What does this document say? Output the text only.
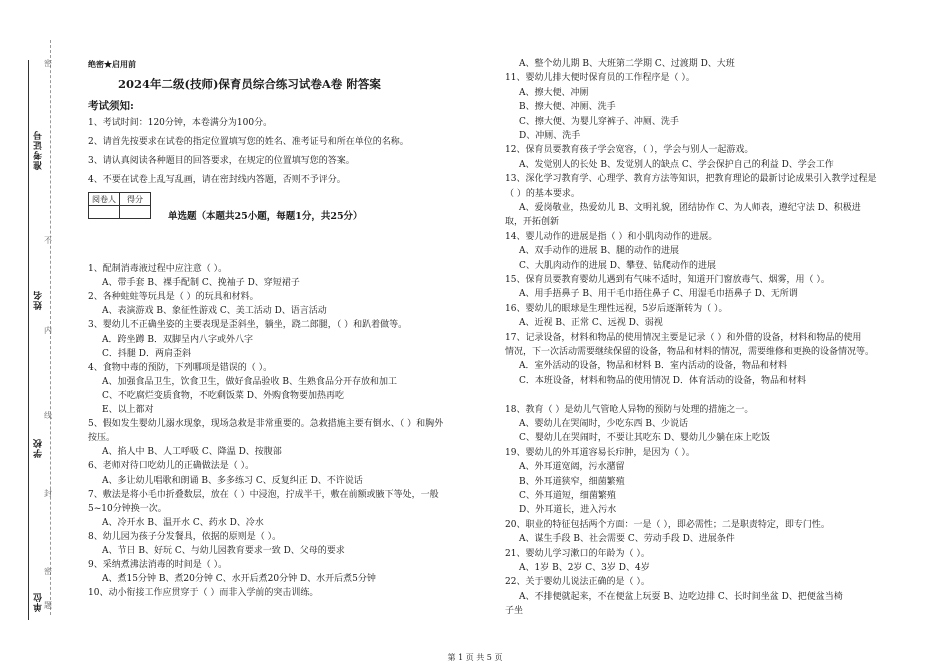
准考证号
姓名
学校
单位
密
不
内
线
封
密
题
绝密★启用前
2024年二级(技师)保育员综合练习试卷A卷 附答案
考试须知:
1、考试时间：120分钟，本卷满分为100分。
2、请首先按要求在试卷的指定位置填写您的姓名、准考证号和所在单位的名称。
3、请认真阅读各种题目的回答要求，在规定的位置填写您的答案。
4、不要在试卷上乱写乱画，请在密封线内答题，否则不予评分。
阅卷人	得分

单选题（本题共25小题，每题1分，共25分）
1、配制消毒液过程中应注意（ ）。
A、带手套 B、裸手配制 C、挽袖子 D、穿短裙子
2、各种蛀蛀等玩具是（ ）的玩具和材料。
A、表演游戏 B、象征性游戏 C、美工活动 D、语言活动
3、婴幼儿不正确坐姿的主要表现是歪斜坐，躺坐，跷二郎腿，（ ）和趴着做等。
A．跨坐蹲 B．双脚呈内八字或外八字
C．抖腿 D．两肩歪斜
4、食物中毒的预防，下列哪项是错误的（ ）。
A、加强食品卫生，饮食卫生，做好食品验收 B、生熟食品分开存放和加工
C、不吃腐烂变质食物，不吃剩饭菜 D、外购食物要加热再吃
E、以上都对
5、假如发生婴幼儿溺水现象，现场急救是非常重要的。急救措施主要有倒水、（ ）和胸外
按压。
A、掐人中 B、人工呼吸 C、降温 D、按腹部
6、老师对待口吃幼儿的正确做法是（ ）。
A、多让幼儿唱歌和朗诵 B、多多练习 C、反复纠正 D、不许说话
7、敷法是将小毛巾折叠数层，放在（ ）中浸泡，拧成半干，敷在前额或腋下等处，一般
5~10分钟换一次。
A、冷开水 B、温开水 C、药水 D、冷水
8、幼儿园为孩子分发餐具，依据的原则是（ ）。
A、节日 B、好玩 C、与幼儿园教育要求一致 D、父母的要求
9、采纳煮沸法消毒的时间是（ ）。
A、煮15分钟 B、煮20分钟 C、水开后煮20分钟 D、水开后煮5分钟
10、动小衔接工作应贯穿于（ ）而非入学前的突击训练。
A、整个幼儿期 B、大班第二学期 C、过渡期 D、大班
11、婴幼儿排大便时保育员的工作程序是（ ）。
A、擦大便、冲厕
B、擦大便、冲厕、洗手
C、擦大便、为婴儿穿裤子、冲厕、洗手
D、冲厕、洗手
12、保育员要教育孩子学会宽容，（ ），学会与别人一起游戏。
A、发觉别人的长处 B、发觉别人的缺点 C、学会保护自己的利益 D、学会工作
13、深化学习教育学、心理学、教育方法等知识，把教育理论的最新讨论成果引入教学过程是
（ ）的基本要求。
A、爱岗敬业，热爱幼儿 B、文明礼貌，团结协作 C、为人师表，遵纪守法 D、积极进
取，开拓创新
14、婴儿动作的进展是指（ ）和小肌肉动作的进展。
A、双手动作的进展 B、腿的动作的进展
C、大肌肉动作的进展 D、攀登、钻爬动作的进展
15、保育员要教育婴幼儿遇到有气味不适时，知道开门窗放毒气、烟雾，用（ ）。
A、用手捂鼻子 B、用干毛巾捂住鼻子 C、用湿毛巾捂鼻子 D、无所谓
16、婴幼儿的眼球是生理性远视，5岁后逐渐转为（ ）。
A、近视 B、正常 C、远视 D、弱视
17、记录设备，材料和物品的使用情况主要是记录（ ）和外借的设备，材料和物品的使用
情况，下一次活动需要继续保留的设备，物品和材料的情况，需要维修和更换的设备情况等。
A．室外活动的设备，物品和材料 B．室内活动的设备，物品和材料
C．本班设备，材料和物品的使用情况 D．体育活动的设备，物品和材料
18、教育（ ）是幼儿气管呛人异物的预防与处理的措施之一。
A、婴幼儿在哭闹时，少吃东西 B、少说话
C、婴幼儿在哭闹时，不要让其吃东 D、婴幼儿少躺在床上吃饭
19、婴幼儿的外耳道容易长疖肿，是因为（ ）。
A、外耳道宽阔，污水潴留
B、外耳道狭窄，细菌繁殖
C、外耳道短，细菌繁殖
D、外耳道长，进入污水
20、职业的特征包括两个方面：一是（ ），即必需性；二是职责特定，即专门性。
A、谋生手段 B、社会需要 C、劳动手段 D、进展条件
21、婴幼儿学习漱口的年龄为（ ）。
A、1岁 B、2岁 C、3岁 D、4岁
22、关于婴幼儿说法正确的是（ ）。
A、不排便就起来，不在便盆上玩耍 B、边吃边排 C、长时间坐盆 D、把便盆当椅
子坐
第 1 页 共 5 页
